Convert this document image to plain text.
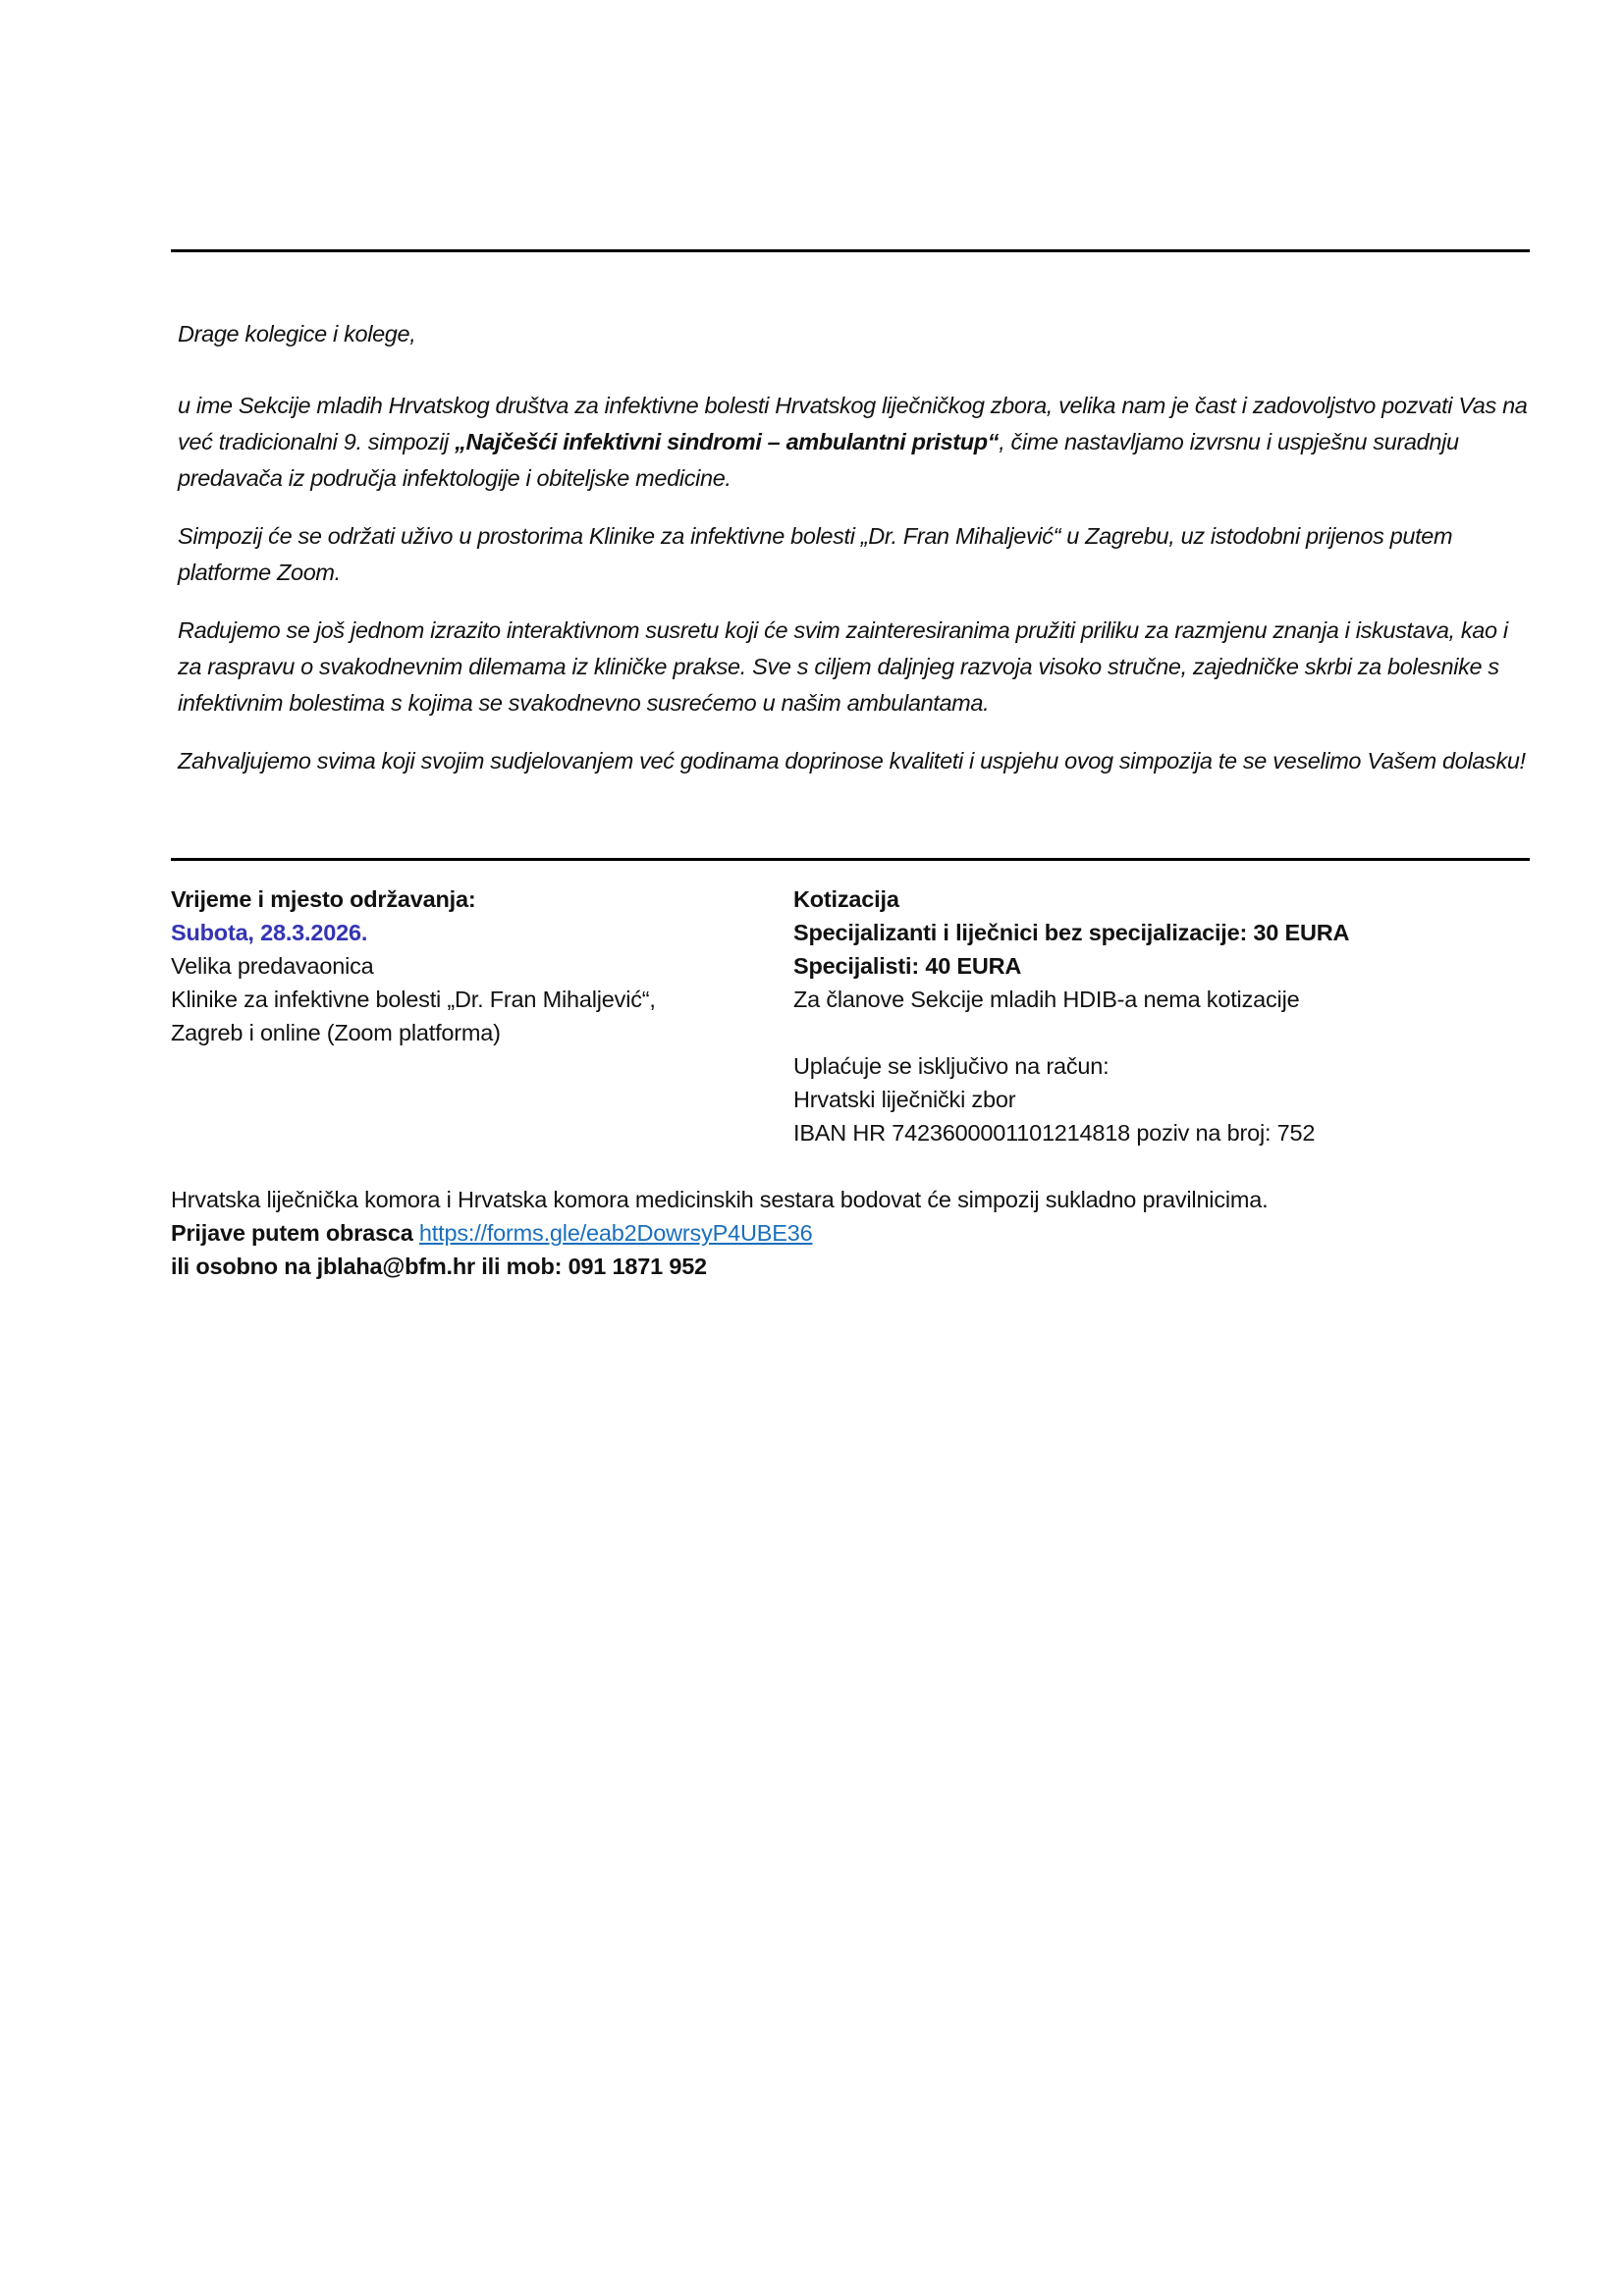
Drage kolegice i kolege,

u ime Sekcije mladih Hrvatskog društva za infektivne bolesti Hrvatskog liječničkog zbora, velika nam je čast i zadovoljstvo pozvati Vas na već tradicionalni 9. simpozij „Najčešći infektivni sindromi – ambulantni pristup“, čime nastavljamo izvrsnu i uspješnu suradnju predavača iz područja infektologije i obiteljske medicine.

Simpozij će se održati uživo u prostorima Klinike za infektivne bolesti „Dr. Fran Mihaljević“ u Zagrebu, uz istodobni prijenos putem platforme Zoom.

Radujemo se još jednom izrazito interaktivnom susretu koji će svim zainteresiranima pružiti priliku za razmjenu znanja i iskustava, kao i za raspravu o svakodnevnim dilemama iz kliničke prakse. Sve s ciljem daljnjeg razvoja visoko stručne, zajedničke skrbi za bolesnike s infektivnim bolestima s kojima se svakodnevno susrećemo u našim ambulantama.

Zahvaljujemo svima koji svojim sudjelovanjem već godinama doprinose kvaliteti i uspjehu ovog simpozija te se veselimo Vašem dolasku!

Vrijeme i mjesto održavanja:
Subota, 28.3.2026.
Velika predavaonica
Klinike za infektivne bolesti „Dr. Fran Mihaljević“,
Zagreb i online (Zoom platforma)
Kotizacija
Specijalizanti i liječnici bez specijalizacije: 30 EURA
Specijalisti: 40 EURA
Za članove Sekcije mladih HDIB-a nema kotizacije
Uplaćuje se isključivo na račun:
Hrvatski liječnički zbor
IBAN HR 7423600001101214818 poziv na broj: 752
Hrvatska liječnička komora i Hrvatska komora medicinskih sestara bodovat će simpozij sukladno pravilnicima.
Prijave putem obrasca https://forms.gle/eab2DowrsyP4UBE36
ili osobno na jblaha@bfm.hr ili mob: 091 1871 952
